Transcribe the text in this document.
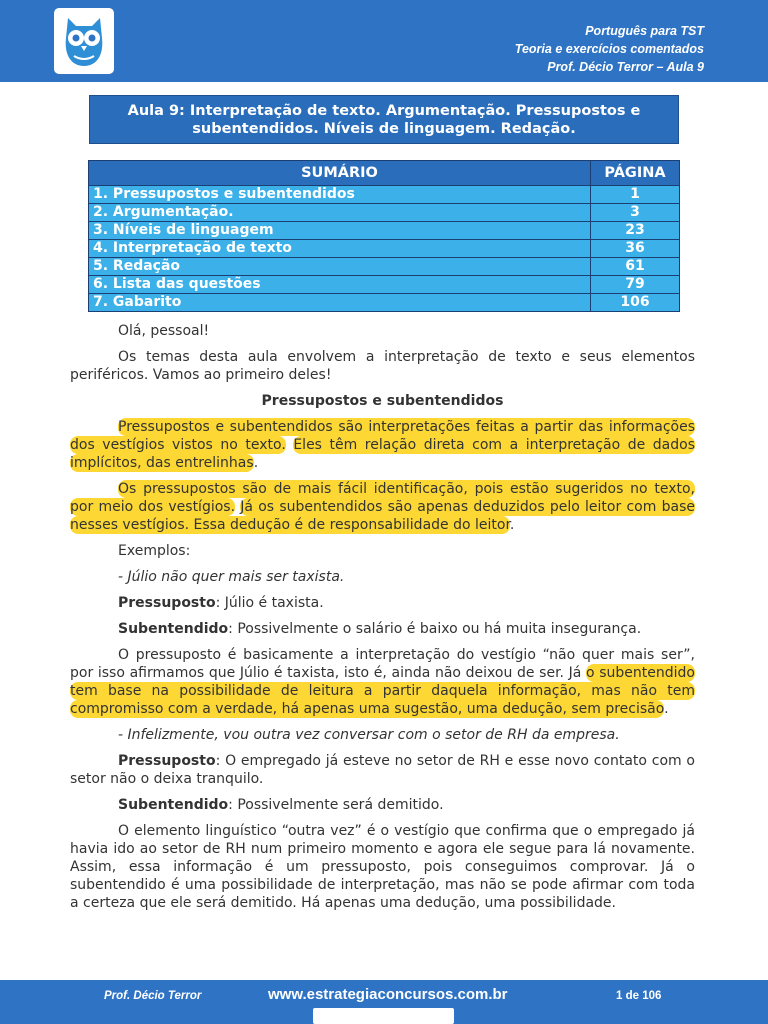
Português para TST
Teoria e exercícios comentados
Prof. Décio Terror – Aula 9
Aula 9: Interpretação de texto. Argumentação. Pressupostos e subentendidos. Níveis de linguagem. Redação.
SUMÁRIO	PÁGINA
1. Pressupostos e subentendidos	1
2. Argumentação.	3
3. Níveis de linguagem	23
4. Interpretação de texto	36
5. Redação	61
6. Lista das questões	79
7. Gabarito	106

Olá, pessoal!

Os temas desta aula envolvem a interpretação de texto e seus elementos periféricos. Vamos ao primeiro deles!

Pressupostos e subentendidos

Pressupostos e subentendidos são interpretações feitas a partir das informações dos vestígios vistos no texto. Eles têm relação direta com a interpretação de dados implícitos, das entrelinhas.

Os pressupostos são de mais fácil identificação, pois estão sugeridos no texto, por meio dos vestígios. Já os subentendidos são apenas deduzidos pelo leitor com base nesses vestígios. Essa dedução é de responsabilidade do leitor.

Exemplos:

- Júlio não quer mais ser taxista.

Pressuposto: Júlio é taxista.

Subentendido: Possivelmente o salário é baixo ou há muita insegurança.

O pressuposto é basicamente a interpretação do vestígio “não quer mais ser”, por isso afirmamos que Júlio é taxista, isto é, ainda não deixou de ser. Já o subentendido tem base na possibilidade de leitura a partir daquela informação, mas não tem compromisso com a verdade, há apenas uma sugestão, uma dedução, sem precisão.

- Infelizmente, vou outra vez conversar com o setor de RH da empresa.

Pressuposto: O empregado já esteve no setor de RH e esse novo contato com o setor não o deixa tranquilo.

Subentendido: Possivelmente será demitido.

O elemento linguístico “outra vez” é o vestígio que confirma que o empregado já havia ido ao setor de RH num primeiro momento e agora ele segue para lá novamente. Assim, essa informação é um pressuposto, pois conseguimos comprovar. Já o subentendido é uma possibilidade de interpretação, mas não se pode afirmar com toda a certeza que ele será demitido. Há apenas uma dedução, uma possibilidade.

Prof. Décio Terror	www.estrategiaconcursos.com.br	1 de 106
